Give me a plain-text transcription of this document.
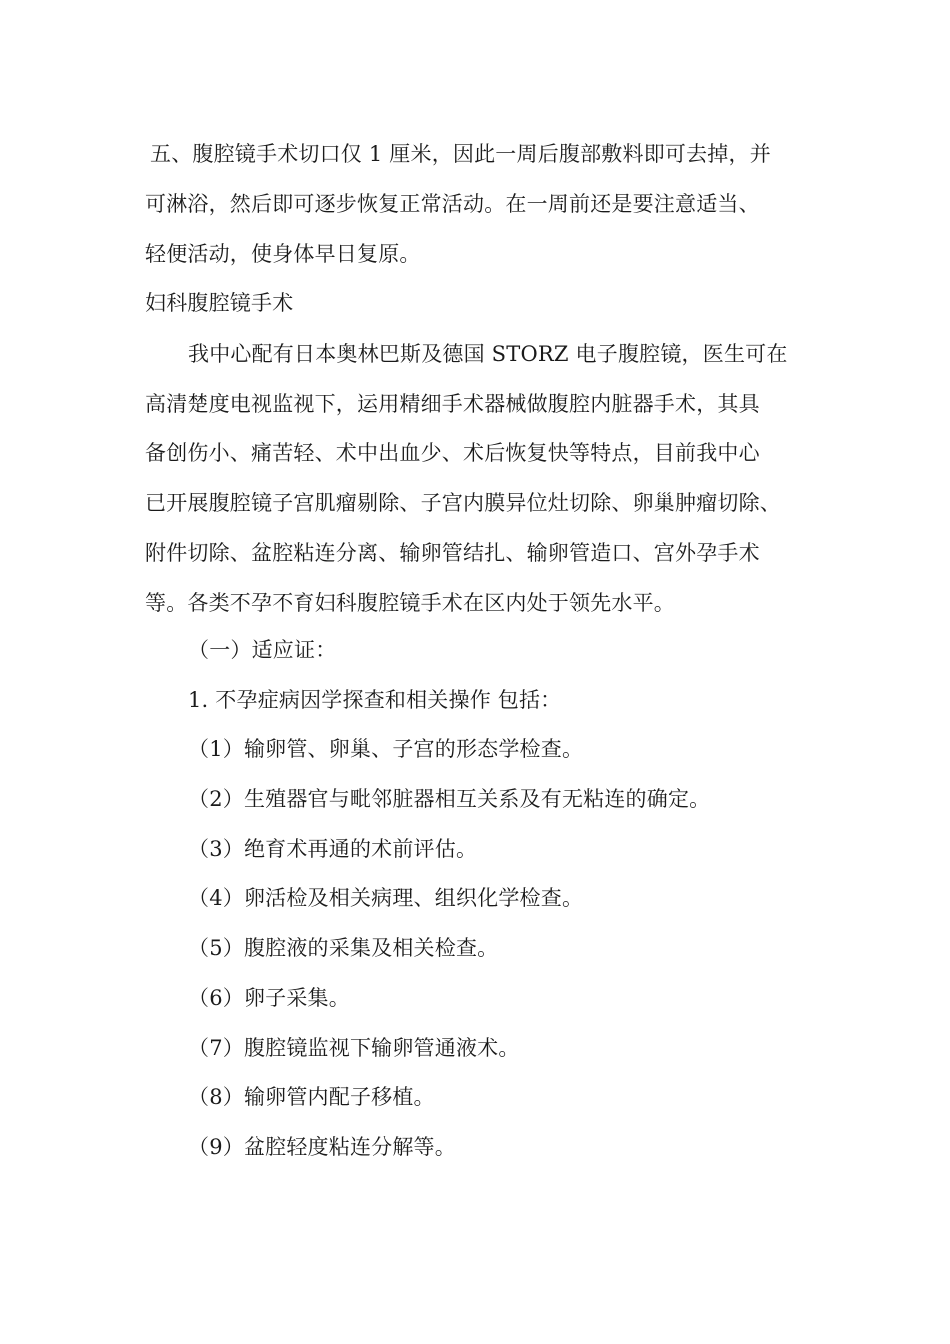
五、腹腔镜手术切口仅 1 厘米，因此一周后腹部敷料即可去掉，并
可淋浴，然后即可逐步恢复正常活动。在一周前还是要注意适当、
轻便活动，使身体早日复原。
妇科腹腔镜手术
我中心配有日本奥林巴斯及德国 STORZ 电子腹腔镜，医生可在
高清楚度电视监视下，运用精细手术器械做腹腔内脏器手术，其具
备创伤小、痛苦轻、术中出血少、术后恢复快等特点，目前我中心
已开展腹腔镜子宫肌瘤剔除、子宫内膜异位灶切除、卵巢肿瘤切除、
附件切除、盆腔粘连分离、输卵管结扎、输卵管造口、宫外孕手术
等。各类不孕不育妇科腹腔镜手术在区内处于领先水平。
（一）适应证：
1. 不孕症病因学探查和相关操作 包括：
（1）输卵管、卵巢、子宫的形态学检查。
（2）生殖器官与毗邻脏器相互关系及有无粘连的确定。
（3）绝育术再通的术前评估。
（4）卵活检及相关病理、组织化学检查。
（5）腹腔液的采集及相关检查。
（6）卵子采集。
（7）腹腔镜监视下输卵管通液术。
（8）输卵管内配子移植。
（9）盆腔轻度粘连分解等。
